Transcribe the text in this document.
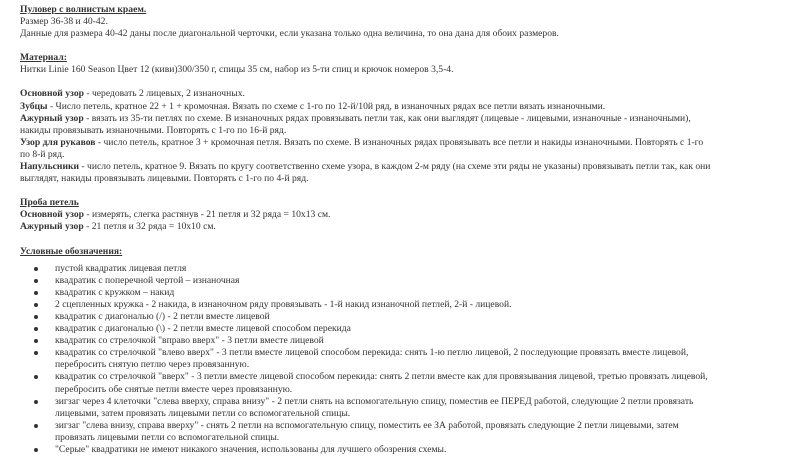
Пуловер с волнистым краем.

Размер 36-38 и 40-42.

Данные для размера 40-42 даны после диагональной черточки, если указана только одна величина, то она дана для обоих размеров.

Материал:

Нитки Linie 160 Season Цвет 12 (киви)300/350 г, спицы 35 см, набор из 5-ти спиц и крючок номеров 3,5-4.

Основной узор - чередовать 2 лицевых, 2 изнаночных.

Зубцы - Число петель, кратное 22 + 1 + кромочная. Вязать по схеме с 1-го по 12-й/10й ряд, в изнаночных рядах все петли вязать изнаночными.

Ажурный узор - вязать из 35-ти петлях по схеме. В изнаночных рядах провязывать петли так, как они выглядят (лицевые - лицевыми, изнаночные - изнаночными),

накиды провязывать изнаночными. Повторять с 1-го по 16-й ряд.

Узор для рукавов - число петель, кратное 3 + кромочная петля. Вязать по схеме. В изнаночных рядах провязывать все петли и накиды изнаночными. Повторять с 1-го

по 8-й ряд.

Напульсники - число петель, кратное 9. Вязать по кругу соответственно схеме узора, в каждом 2-м ряду (на схеме эти ряды не указаны) провязывать петли так, как они

выглядят, накиды провязывать лицевыми. Повторять с 1-го по 4-й ряд.

Проба петель

Основной узор - измерять, слегка растянув - 21 петля и 32 ряда = 10х13 см.

Ажурный узор - 21 петля и 32 ряда = 10х10 см.

Условные обозначения:

пустой квадратик лицевая петля
квадратик с поперечной чертой – изнаночная
квадратик с кружком – накид
2 сцепленных кружка - 2 накида, в изнаночном ряду провязывать - 1-й накид изнаночной петлей, 2-й - лицевой.
квадратик с диагональю (/) - 2 петли вместе лицевой
квадратик с диагональю (\) - 2 петли вместе лицевой способом перекида
квадратик со стрелочкой "вправо вверх" - 3 петли вместе лицевой
квадратик со стрелочкой "влево вверх" - 3 петли вместе лицевой способом перекида: снять 1-ю петлю лицевой, 2 последующие провязать вместе лицевой,
перебросить снятую петлю через провязанную.
квадратик со стрелочкой "вверх" - 3 петли вместе лицевой способом перекида: снять 2 петли вместе как для провязывания лицевой, третью провязать лицевой,
перебросить обе снятые петли вместе через провязанную.
зигзаг через 4 клеточки "слева вверху, справа внизу" - 2 петли снять на вспомогательную спицу, поместив ее ПЕРЕД работой, следующие 2 петли провязать
лицевыми, затем провязать лицевыми петли со вспомогательной спицы.
зигзаг "слева внизу, справа вверху" - снять 2 петли на вспомогательную спицу, поместить ее ЗА работой, провязать следующие 2 петли лицевыми, затем
провязать лицевыми петли со вспомогательной спицы.
"Серые" квадратики не имеют никакого значения, использованы для лучшего обозрения схемы.
